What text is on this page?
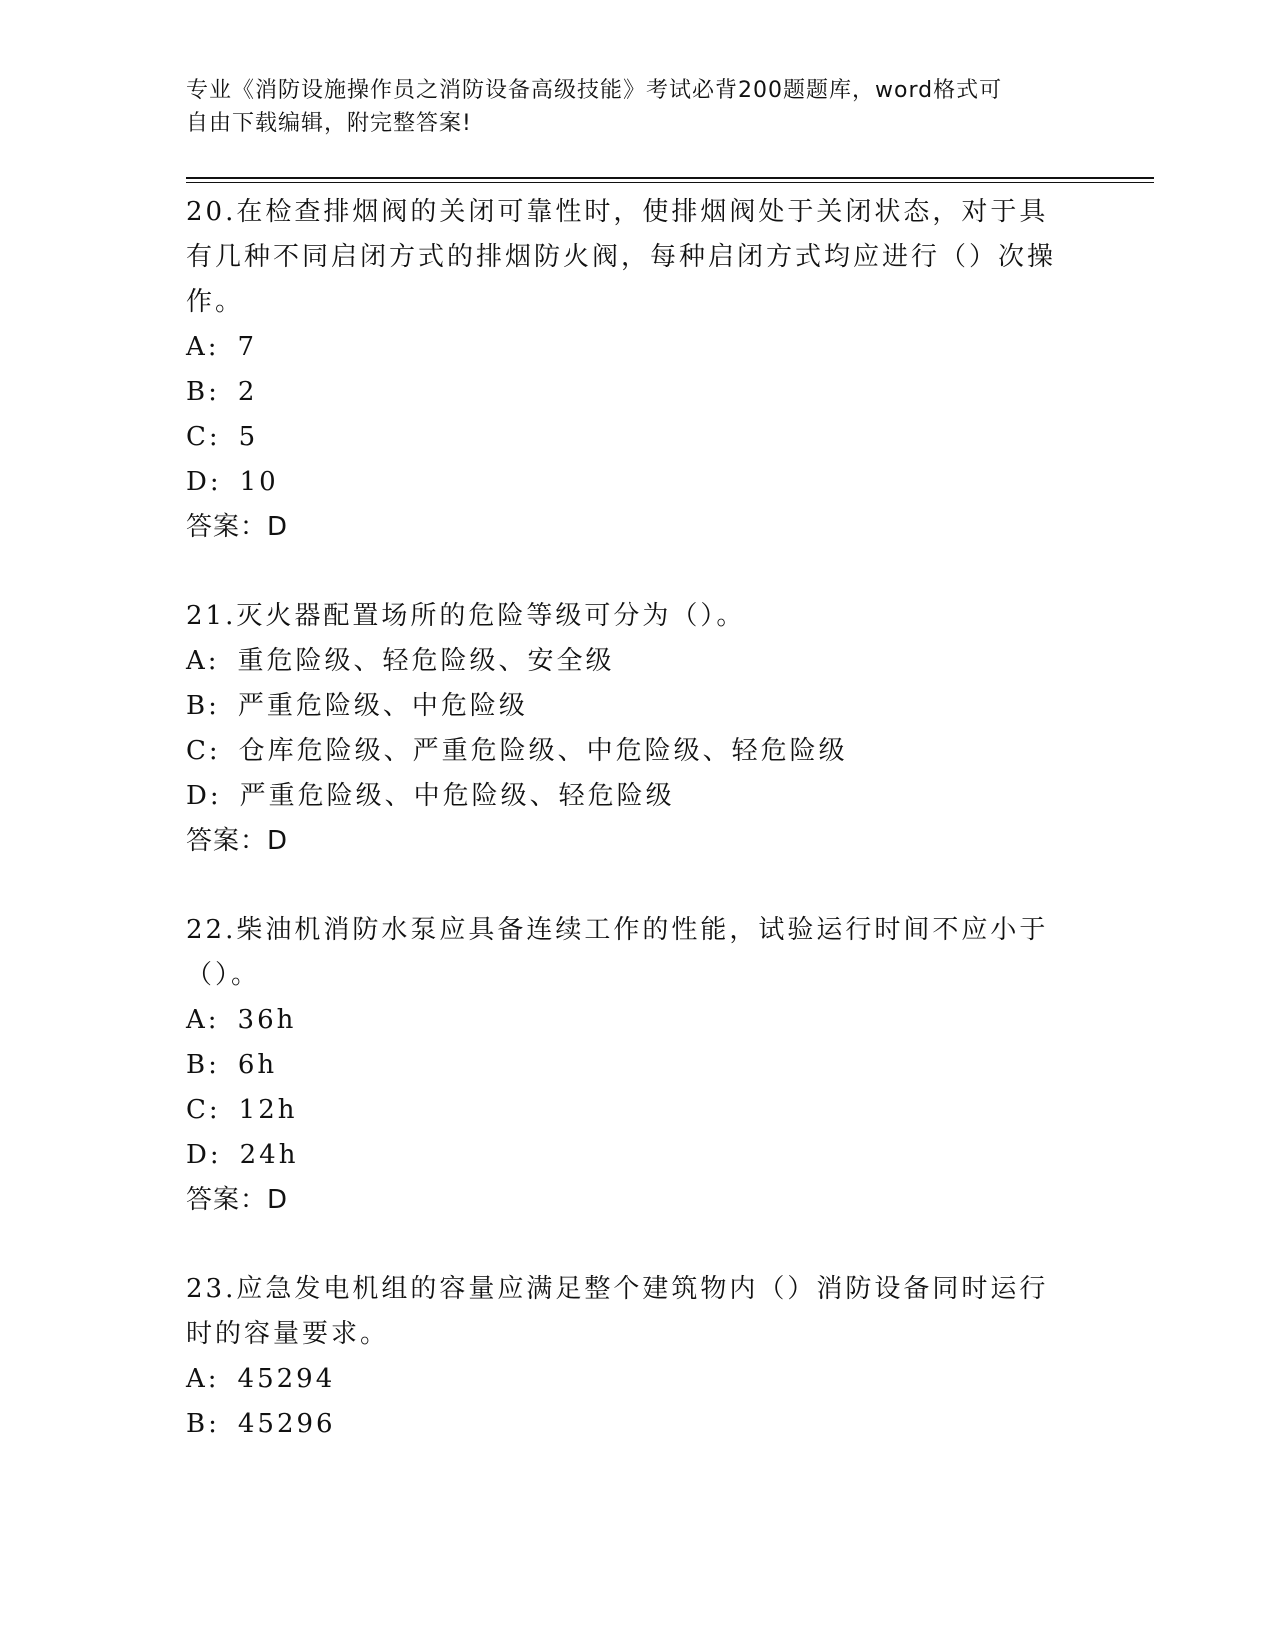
专业《消防设施操作员之消防设备高级技能》考试必背200题题库，word格式可
自由下载编辑，附完整答案!
20.在检查排烟阀的关闭可靠性时，使排烟阀处于关闭状态，对于具有几种不同启闭方式的排烟防火阀，每种启闭方式均应进行（）次操作。
A: 7
B: 2
C: 5
D: 10
答案：D
21.灭火器配置场所的危险等级可分为（）。
A: 重危险级、轻危险级、安全级
B: 严重危险级、中危险级
C: 仓库危险级、严重危险级、中危险级、轻危险级
D: 严重危险级、中危险级、轻危险级
答案：D
22.柴油机消防水泵应具备连续工作的性能，试验运行时间不应小于（）。
A: 36h
B: 6h
C: 12h
D: 24h
答案：D
23.应急发电机组的容量应满足整个建筑物内（）消防设备同时运行时的容量要求。
A: 45294
B: 45296
